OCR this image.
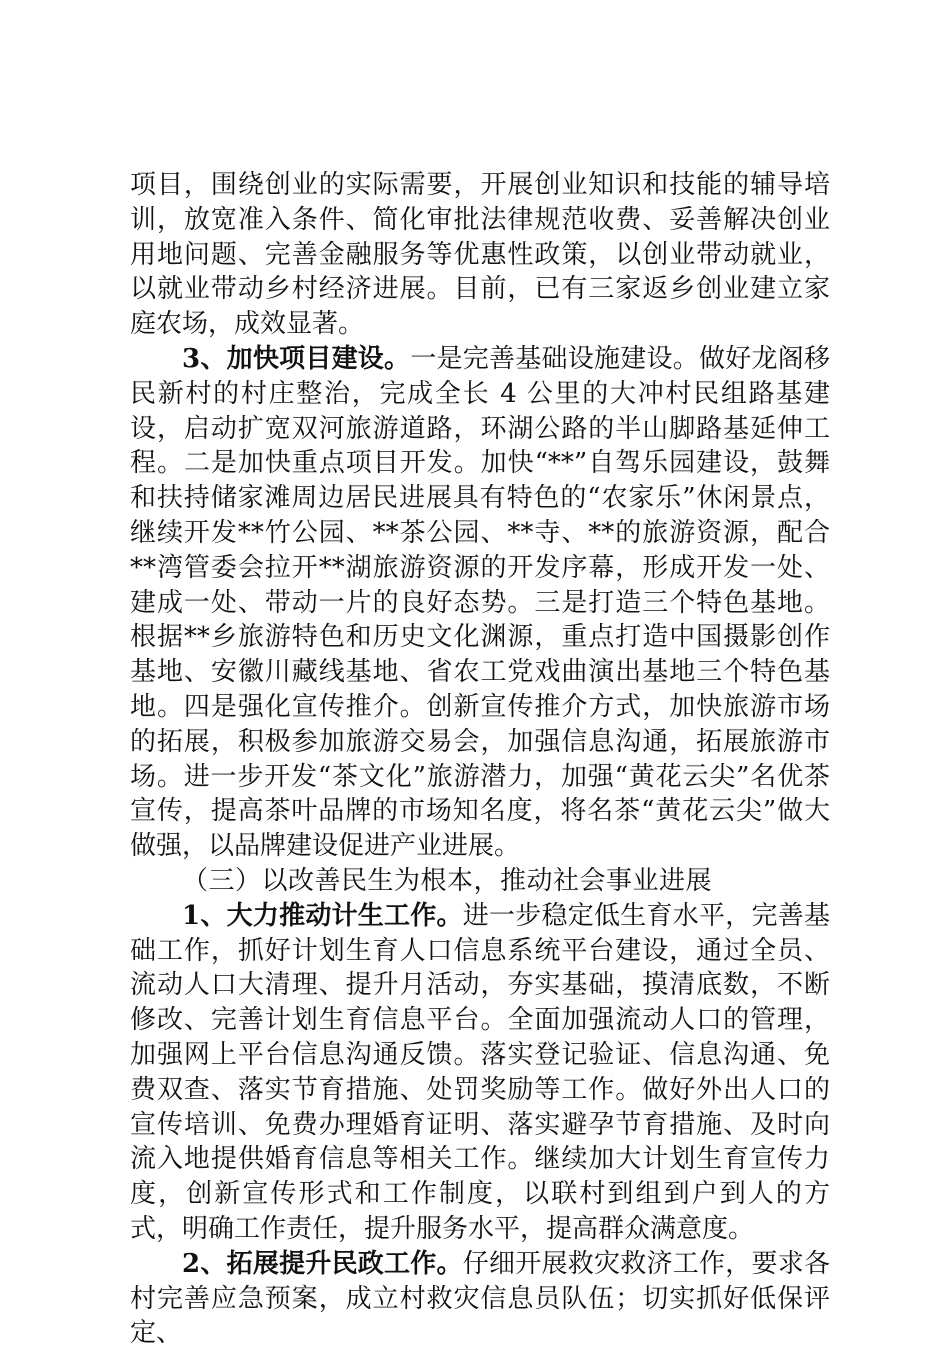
项目，围绕创业的实际需要，开展创业知识和技能的辅导培训，放宽准入条件、简化审批法律规范收费、妥善解决创业用地问题、完善金融服务等优惠性政策，以创业带动就业，以就业带动乡村经济进展。目前，已有三家返乡创业建立家庭农场，成效显著。

3、加快项目建设。一是完善基础设施建设。做好龙阁移民新村的村庄整治，完成全长 4 公里的大冲村民组路基建设，启动扩宽双河旅游道路，环湖公路的半山脚路基延伸工程。二是加快重点项目开发。加快“**”自驾乐园建设，鼓舞和扶持储家滩周边居民进展具有特色的“农家乐”休闲景点，继续开发**竹公园、**茶公园、**寺、**的旅游资源，配合**湾管委会拉开**湖旅游资源的开发序幕，形成开发一处、建成一处、带动一片的良好态势。三是打造三个特色基地。根据**乡旅游特色和历史文化渊源，重点打造中国摄影创作基地、安徽川藏线基地、省农工党戏曲演出基地三个特色基地。四是强化宣传推介。创新宣传推介方式，加快旅游市场的拓展，积极参加旅游交易会，加强信息沟通，拓展旅游市场。进一步开发“茶文化”旅游潜力，加强“黄花云尖”名优茶宣传，提高茶叶品牌的市场知名度，将名茶“黄花云尖”做大做强，以品牌建设促进产业进展。

（三）以改善民生为根本，推动社会事业进展

1、大力推动计生工作。进一步稳定低生育水平，完善基础工作，抓好计划生育人口信息系统平台建设，通过全员、流动人口大清理、提升月活动，夯实基础，摸清底数，不断修改、完善计划生育信息平台。全面加强流动人口的管理，加强网上平台信息沟通反馈。落实登记验证、信息沟通、免费双查、落实节育措施、处罚奖励等工作。做好外出人口的宣传培训、免费办理婚育证明、落实避孕节育措施、及时向流入地提供婚育信息等相关工作。继续加大计划生育宣传力度，创新宣传形式和工作制度，以联村到组到户到人的方式，明确工作责任，提升服务水平，提高群众满意度。

2、拓展提升民政工作。仔细开展救灾救济工作，要求各村完善应急预案，成立村救灾信息员队伍；切实抓好低保评定、
